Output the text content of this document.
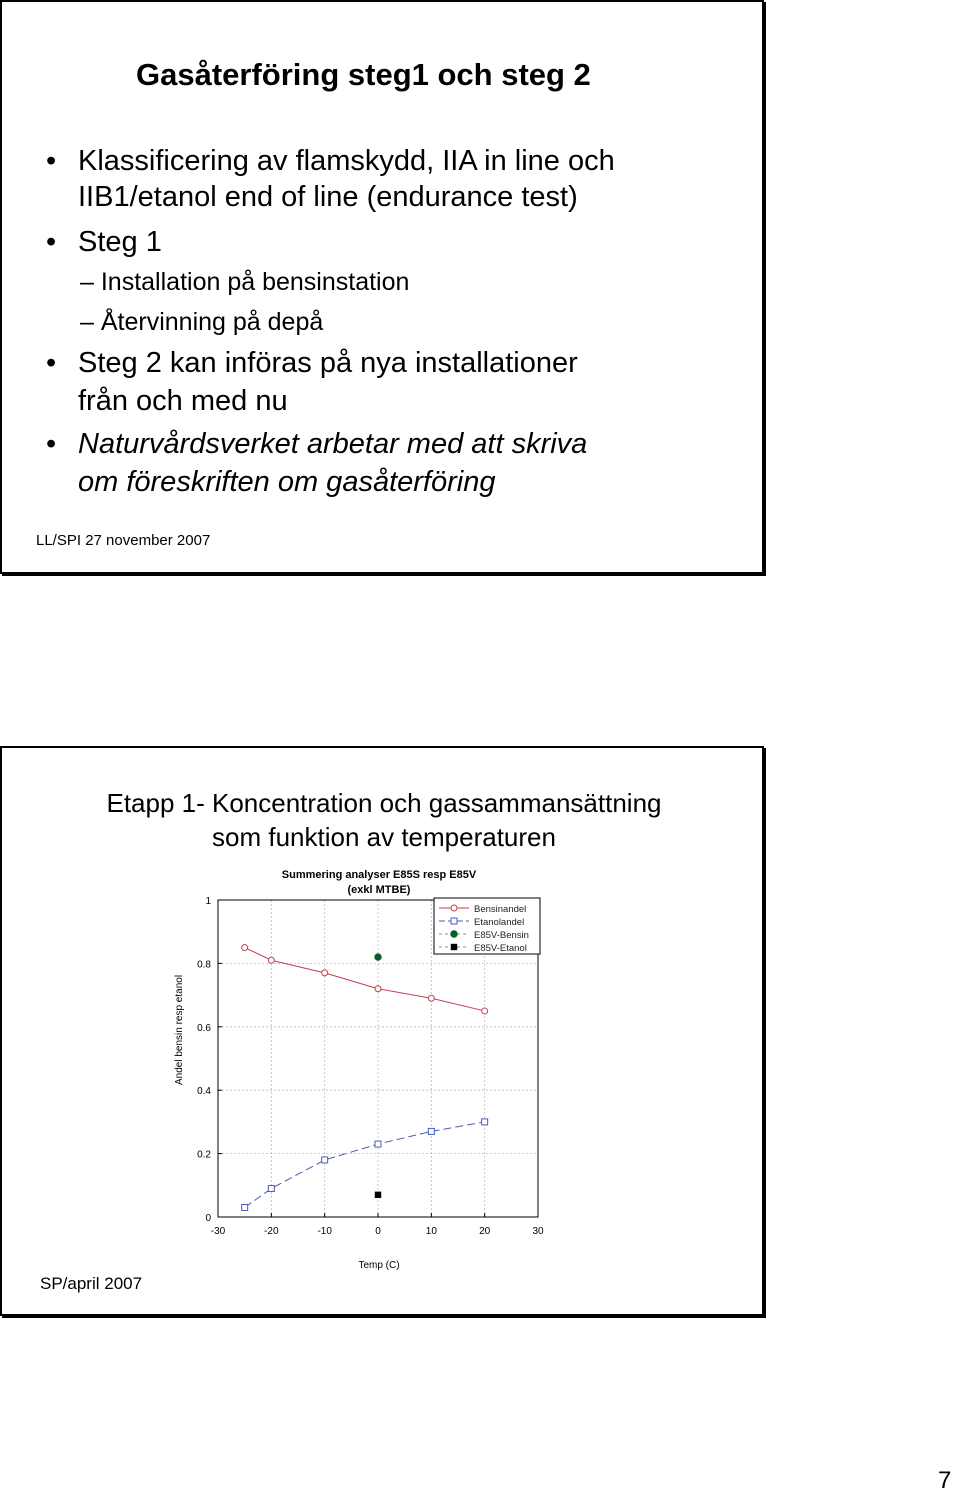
Gasåterföring steg1 och steg 2
• Klassificering av flamskydd, IIA in line och
IIB1/etanol end of line (endurance test)
• Steg 1
– Installation på bensinstation
– Återvinning på depå
• Steg 2 kan införas på nya installationer
från och med nu
• Naturvårdsverket arbetar med att skriva
om föreskriften om gasåterföring
LL/SPI 27 november 2007
Etapp 1- Koncentration och gassammansättning
som funktion av temperaturen
-30	-20	-10	0	10	20	30
0
0.2
0.4
0.6
0.8
1
Summering analyser E85S resp E85V
(exkl MTBE)
Temp (C)
Andel bensin resp etanol
Bensinandel
Etanolandel
E85V-Bensin
E85V-Etanol
SP/april 2007
7
